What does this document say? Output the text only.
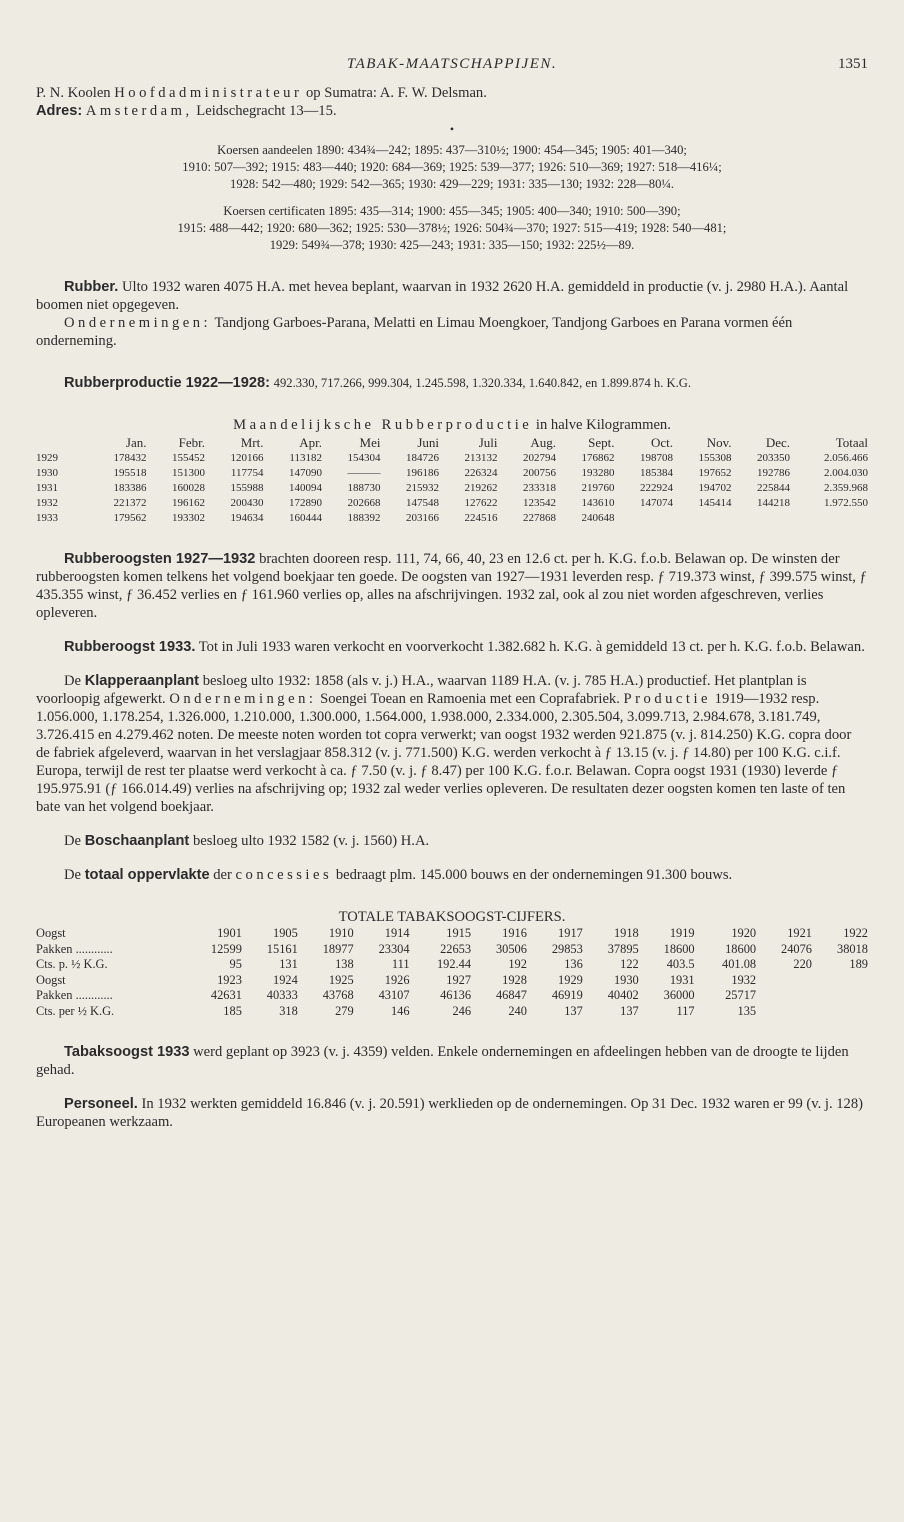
TABAK-MAATSCHAPPIJEN.	1351

P. N. Koolen Hoofdadministrateur op Sumatra: A. F. W. Delsman.

Adres: Amsterdam, Leidschegracht 13—15.

•

Koersen aandeelen 1890: 434¾—242; 1895: 437—310½; 1900: 454—345; 1905: 401—340;

1910: 507—392; 1915: 483—440; 1920: 684—369; 1925: 539—377; 1926: 510—369; 1927: 518—416¼;

1928: 542—480; 1929: 542—365; 1930: 429—229; 1931: 335—130; 1932: 228—80¼.

Koersen certificaten 1895: 435—314; 1900: 455—345; 1905: 400—340; 1910: 500—390;

1915: 488—442; 1920: 680—362; 1925: 530—378½; 1926: 504¾—370; 1927: 515—419; 1928: 540—481;

1929: 549¾—378; 1930: 425—243; 1931: 335—150; 1932: 225½—89.

Rubber. Ulto 1932 waren 4075 H.A. met hevea beplant, waarvan in 1932 2620 H.A. gemiddeld in productie (v. j. 2980 H.A.). Aantal boomen niet opgegeven.

Ondernemingen: Tandjong Garboes-Parana, Melatti en Limau Moengkoer, Tandjong Garboes en Parana vormen één onderneming.

Rubberproductie 1922—1928: 492.330, 717.266, 999.304, 1.245.598, 1.320.334, 1.640.842, en 1.899.874 h. K.G.

Maandelijksche Rubberproductie in halve Kilogrammen.

	Jan.	Febr.	Mrt.	Apr.	Mei	Juni	Juli	Aug.	Sept.	Oct.	Nov.	Dec.	Totaal
1929	178432	155452	120166	113182	154304	184726	213132	202794	176862	198708	155308	203350	2.056.466
1930	195518	151300	117754	147090	———	196186	226324	200756	193280	185384	197652	192786	2.004.030
1931	183386	160028	155988	140094	188730	215932	219262	233318	219760	222924	194702	225844	2.359.968
1932	221372	196162	200430	172890	202668	147548	127622	123542	143610	147074	145414	144218	1.972.550
1933	179562	193302	194634	160444	188392	203166	224516	227868	240648				

Rubberoogsten 1927—1932 brachten dooreen resp. 111, 74, 66, 40, 23 en 12.6 ct. per h. K.G. f.o.b. Belawan op. De winsten der rubberoogsten komen telkens het volgend boekjaar ten goede. De oogsten van 1927—1931 leverden resp. ƒ 719.373 winst, ƒ 399.575 winst, ƒ 435.355 winst, ƒ 36.452 verlies en ƒ 161.960 verlies op, alles na afschrijvingen. 1932 zal, ook al zou niet worden afgeschreven, verlies opleveren.

Rubberoogst 1933. Tot in Juli 1933 waren verkocht en voorverkocht 1.382.682 h. K.G. à gemiddeld 13 ct. per h. K.G. f.o.b. Belawan.

De Klapperaanplant besloeg ulto 1932: 1858 (als v. j.) H.A., waarvan 1189 H.A. (v. j. 785 H.A.) productief. Het plantplan is voorloopig afgewerkt. Ondernemingen: Soengei Toean en Ramoenia met een Coprafabriek. Productie 1919—1932 resp. 1.056.000, 1.178.254, 1.326.000, 1.210.000, 1.300.000, 1.564.000, 1.938.000, 2.334.000, 2.305.504, 3.099.713, 2.984.678, 3.181.749, 3.726.415 en 4.279.462 noten. De meeste noten worden tot copra verwerkt; van oogst 1932 werden 921.875 (v. j. 814.250) K.G. copra door de fabriek afgeleverd, waarvan in het verslagjaar 858.312 (v. j. 771.500) K.G. werden verkocht à ƒ 13.15 (v. j. ƒ 14.80) per 100 K.G. c.i.f. Europa, terwijl de rest ter plaatse werd verkocht à ca. ƒ 7.50 (v. j. ƒ 8.47) per 100 K.G. f.o.r. Belawan. Copra oogst 1931 (1930) leverde ƒ 195.975.91 (ƒ 166.014.49) verlies na afschrijving op; 1932 zal weder verlies opleveren. De resultaten dezer oogsten komen ten laste of ten bate van het volgend boekjaar.

De Boschaanplant besloeg ulto 1932 1582 (v. j. 1560) H.A.

De totaal oppervlakte der concessies bedraagt plm. 145.000 bouws en der ondernemingen 91.300 bouws.

TOTALE TABAKSOOGST-CIJFERS.

Oogst	1901	1905	1910	1914	1915	1916	1917	1918	1919	1920	1921	1922
Pakken ............	12599	15161	18977	23304	22653	30506	29853	37895	18600	18600	24076	38018
Cts. p. ½ K.G.	95	131	138	111	192.44	192	136	122	403.5	401.08	220	189
Oogst	1923	1924	1925	1926	1927	1928	1929	1930	1931	1932		
Pakken ............	42631	40333	43768	43107	46136	46847	46919	40402	36000	25717		
Cts. per ½ K.G.	185	318	279	146	246	240	137	137	117	135		

Tabaksoogst 1933 werd geplant op 3923 (v. j. 4359) velden. Enkele ondernemingen en afdeelingen hebben van de droogte te lijden gehad.

Personeel. In 1932 werkten gemiddeld 16.846 (v. j. 20.591) werklieden op de ondernemingen. Op 31 Dec. 1932 waren er 99 (v. j. 128) Europeanen werkzaam.
